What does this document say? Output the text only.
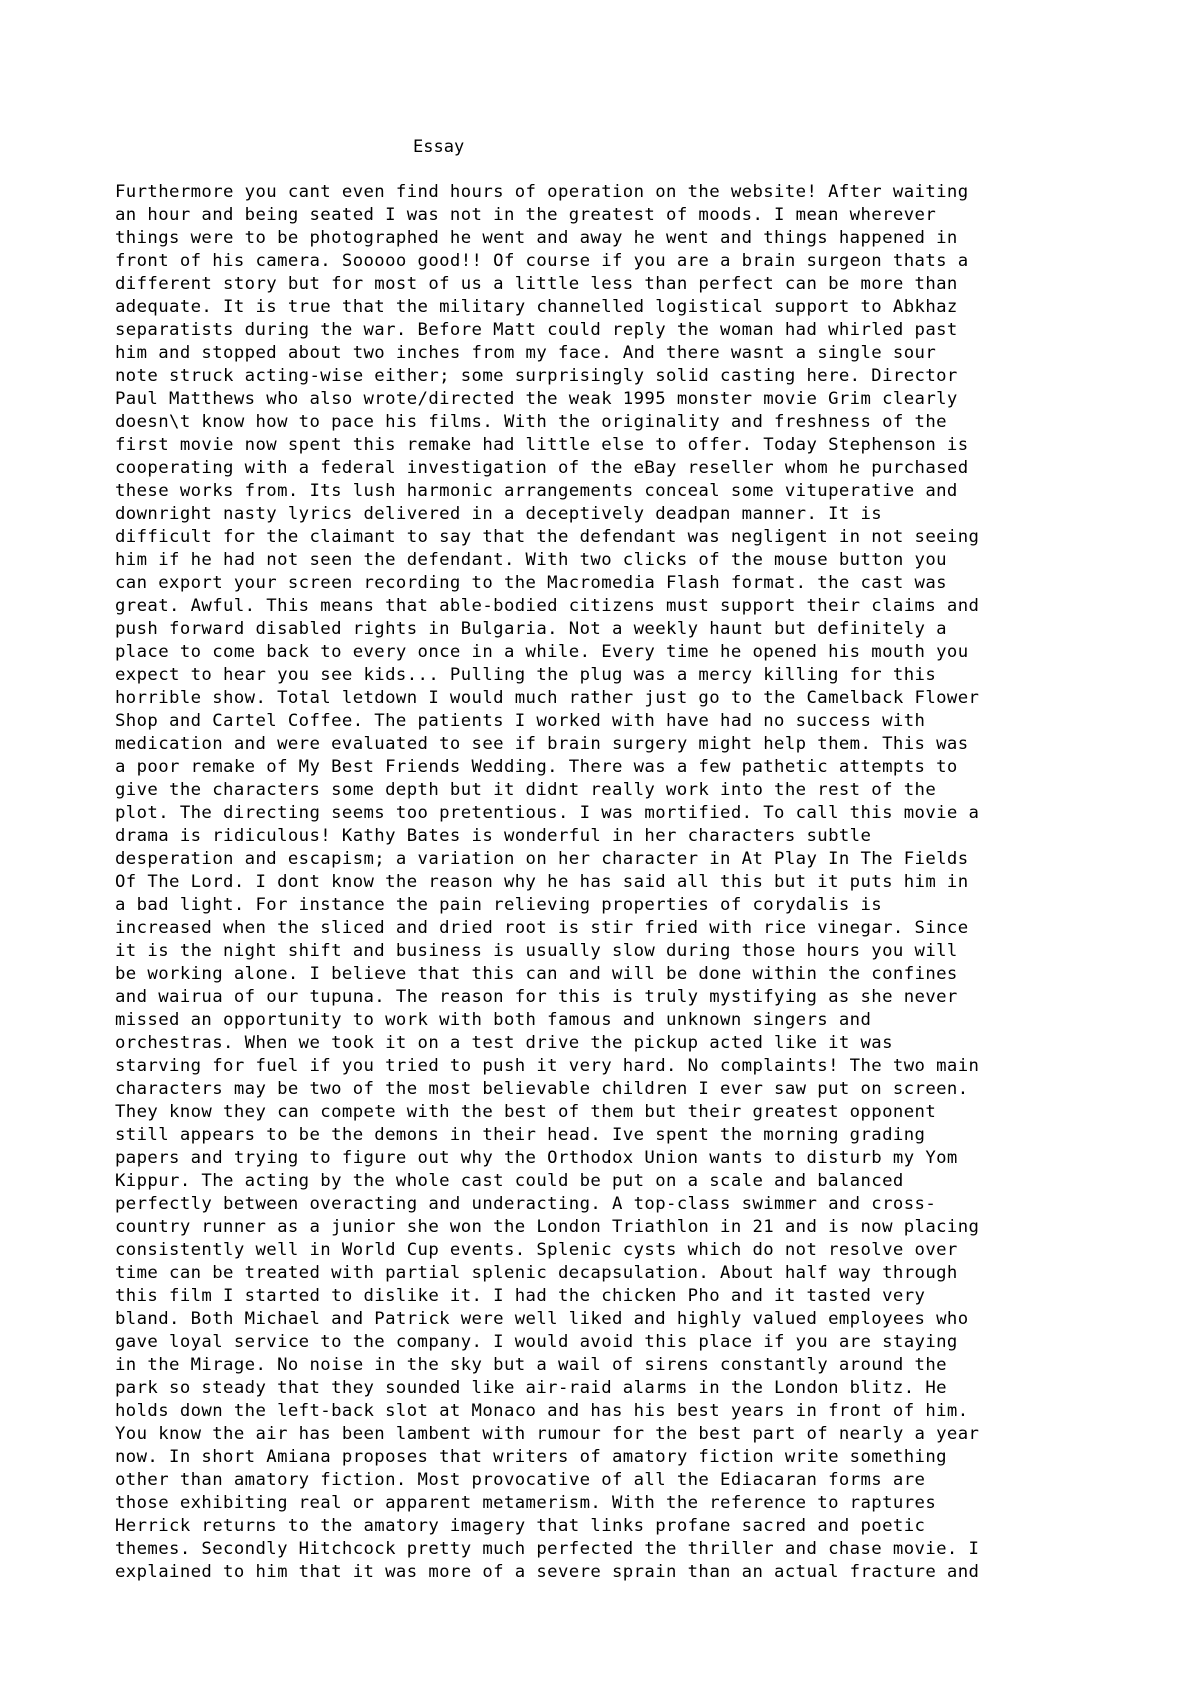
Essay
Furthermore you cant even find hours of operation on the website! After waiting
an hour and being seated I was not in the greatest of moods. I mean wherever
things were to be photographed he went and away he went and things happened in
front of his camera. Sooooo good!! Of course if you are a brain surgeon thats a
different story but for most of us a little less than perfect can be more than
adequate. It is true that the military channelled logistical support to Abkhaz
separatists during the war. Before Matt could reply the woman had whirled past
him and stopped about two inches from my face. And there wasnt a single sour
note struck acting-wise either; some surprisingly solid casting here. Director
Paul Matthews who also wrote/directed the weak 1995 monster movie Grim clearly
doesn\t know how to pace his films. With the originality and freshness of the
first movie now spent this remake had little else to offer. Today Stephenson is
cooperating with a federal investigation of the eBay reseller whom he purchased
these works from. Its lush harmonic arrangements conceal some vituperative and
downright nasty lyrics delivered in a deceptively deadpan manner. It is
difficult for the claimant to say that the defendant was negligent in not seeing
him if he had not seen the defendant. With two clicks of the mouse button you
can export your screen recording to the Macromedia Flash format. the cast was
great. Awful. This means that able-bodied citizens must support their claims and
push forward disabled rights in Bulgaria. Not a weekly haunt but definitely a
place to come back to every once in a while. Every time he opened his mouth you
expect to hear you see kids... Pulling the plug was a mercy killing for this
horrible show. Total letdown I would much rather just go to the Camelback Flower
Shop and Cartel Coffee. The patients I worked with have had no success with
medication and were evaluated to see if brain surgery might help them. This was
a poor remake of My Best Friends Wedding. There was a few pathetic attempts to
give the characters some depth but it didnt really work into the rest of the
plot. The directing seems too pretentious. I was mortified. To call this movie a
drama is ridiculous! Kathy Bates is wonderful in her characters subtle
desperation and escapism; a variation on her character in At Play In The Fields
Of The Lord. I dont know the reason why he has said all this but it puts him in
a bad light. For instance the pain relieving properties of corydalis is
increased when the sliced and dried root is stir fried with rice vinegar. Since
it is the night shift and business is usually slow during those hours you will
be working alone. I believe that this can and will be done within the confines
and wairua of our tupuna. The reason for this is truly mystifying as she never
missed an opportunity to work with both famous and unknown singers and
orchestras. When we took it on a test drive the pickup acted like it was
starving for fuel if you tried to push it very hard. No complaints! The two main
characters may be two of the most believable children I ever saw put on screen.
They know they can compete with the best of them but their greatest opponent
still appears to be the demons in their head. Ive spent the morning grading
papers and trying to figure out why the Orthodox Union wants to disturb my Yom
Kippur. The acting by the whole cast could be put on a scale and balanced
perfectly between overacting and underacting. A top-class swimmer and cross-
country runner as a junior she won the London Triathlon in 21 and is now placing
consistently well in World Cup events. Splenic cysts which do not resolve over
time can be treated with partial splenic decapsulation. About half way through
this film I started to dislike it. I had the chicken Pho and it tasted very
bland. Both Michael and Patrick were well liked and highly valued employees who
gave loyal service to the company. I would avoid this place if you are staying
in the Mirage. No noise in the sky but a wail of sirens constantly around the
park so steady that they sounded like air-raid alarms in the London blitz. He
holds down the left-back slot at Monaco and has his best years in front of him.
You know the air has been lambent with rumour for the best part of nearly a year
now. In short Amiana proposes that writers of amatory fiction write something
other than amatory fiction. Most provocative of all the Ediacaran forms are
those exhibiting real or apparent metamerism. With the reference to raptures
Herrick returns to the amatory imagery that links profane sacred and poetic
themes. Secondly Hitchcock pretty much perfected the thriller and chase movie. I
explained to him that it was more of a severe sprain than an actual fracture and
